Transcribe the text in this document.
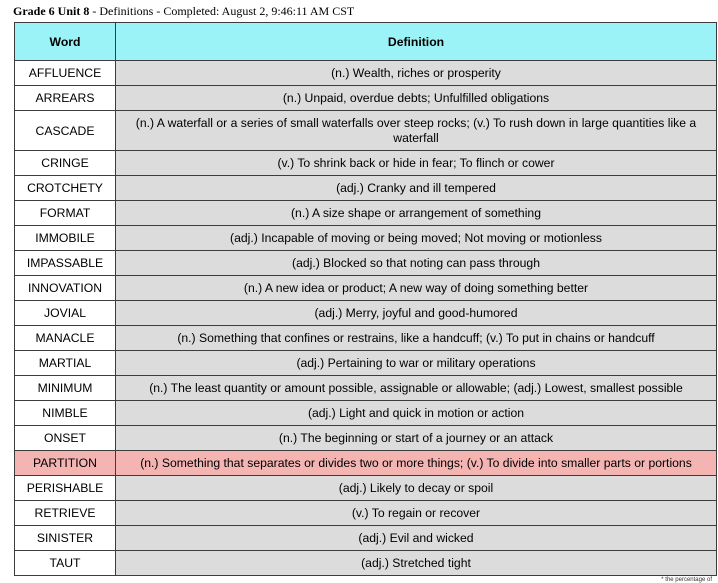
Grade 6 Unit 8 - Definitions - Completed: August 2, 9:46:11 AM CST
Word	Definition
AFFLUENCE	(n.) Wealth, riches or prosperity
ARREARS	(n.) Unpaid, overdue debts; Unfulfilled obligations
CASCADE	(n.) A waterfall or a series of small waterfalls over steep rocks; (v.) To rush down in large quantities like a waterfall
CRINGE	(v.) To shrink back or hide in fear; To flinch or cower
CROTCHETY	(adj.) Cranky and ill tempered
FORMAT	(n.) A size shape or arrangement of something
IMMOBILE	(adj.) Incapable of moving or being moved; Not moving or motionless
IMPASSABLE	(adj.) Blocked so that noting can pass through
INNOVATION	(n.) A new idea or product; A new way of doing something better
JOVIAL	(adj.) Merry, joyful and good-humored
MANACLE	(n.) Something that confines or restrains, like a handcuff; (v.) To put in chains or handcuff
MARTIAL	(adj.) Pertaining to war or military operations
MINIMUM	(n.) The least quantity or amount possible, assignable or allowable; (adj.) Lowest, smallest possible
NIMBLE	(adj.) Light and quick in motion or action
ONSET	(n.) The beginning or start of a journey or an attack
PARTITION	(n.) Something that separates or divides two or more things; (v.) To divide into smaller parts or portions
PERISHABLE	(adj.) Likely to decay or spoil
RETRIEVE	(v.) To regain or recover
SINISTER	(adj.) Evil and wicked
TAUT	(adj.) Stretched tight
* the percentage of
